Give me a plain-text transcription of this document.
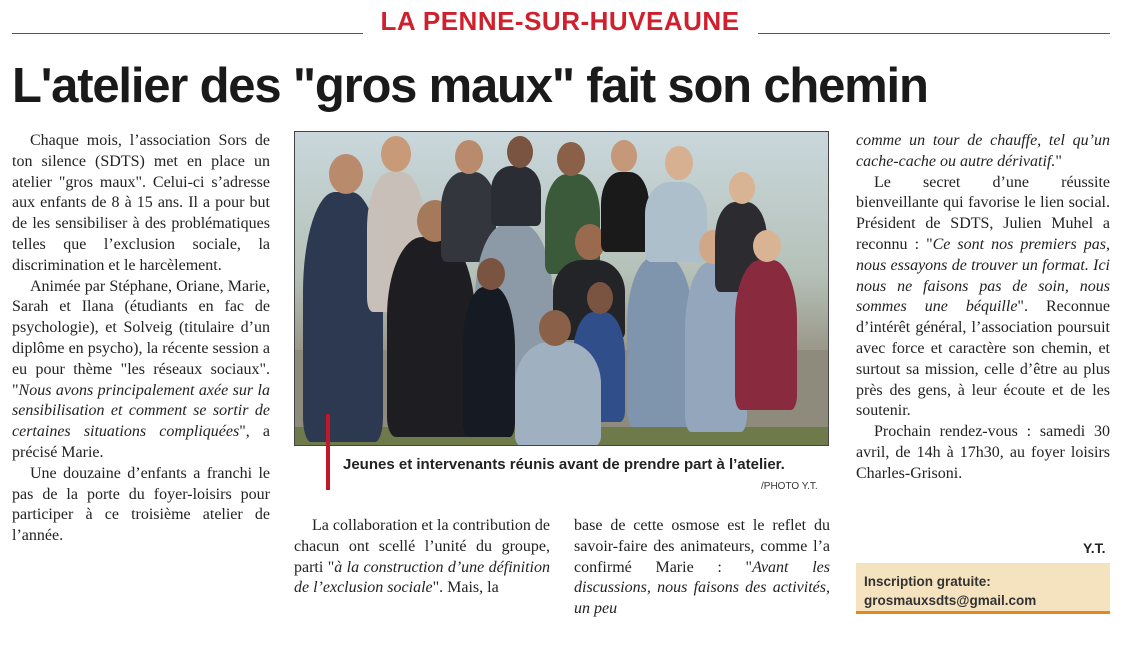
LA PENNE-SUR-HUVEAUNE
L'atelier des "gros maux" fait son chemin

Chaque mois, l’association Sors de ton silence (SDTS) met en place un atelier "gros maux". Celui-ci s’adresse aux enfants de 8 à 15 ans. Il a pour but de les sensibiliser à des problématiques telles que l’exclusion sociale, la discrimination et le harcèlement.

Animée par Stéphane, Oriane, Marie, Sarah et Ilana (étudiants en fac de psychologie), et Solveig (titulaire d’un diplôme en psycho), la récente session a eu pour thème "les réseaux sociaux". "Nous avons principalement axée sur la sensibilisation et comment se sortir de certaines situations compliquées", a précisé Marie.

Une douzaine d’enfants a franchi le pas de la porte du foyer-loisirs pour participer à ce troisième atelier de l’année.

Jeunes et intervenants réunis avant de prendre part à l’atelier.
/PHOTO Y.T.

La collaboration et la contribution de chacun ont scellé l’unité du groupe, parti "à la construction d’une définition de l’exclusion sociale". Mais, la

base de cette osmose est le reflet du savoir-faire des animateurs, comme l’a confirmé Marie : "Avant les discussions, nous faisons des activités, un peu

comme un tour de chauffe, tel qu’un cache-cache ou autre dérivatif."

Le secret d’une réussite bienveillante qui favorise le lien social. Président de SDTS, Julien Muhel a reconnu : "Ce sont nos premiers pas, nous essayons de trouver un format. Ici nous ne faisons pas de soin, nous sommes une béquille". Reconnue d’intérêt général, l’association poursuit avec force et caractère son chemin, et surtout sa mission, celle d’être au plus près des gens, à leur écoute et de les soutenir.

Prochain rendez-vous : samedi 30 avril, de 14h à 17h30, au foyer loisirs Charles-Grisoni.

Y.T.
Inscription gratuite:
grosmauxsdts@gmail.com
